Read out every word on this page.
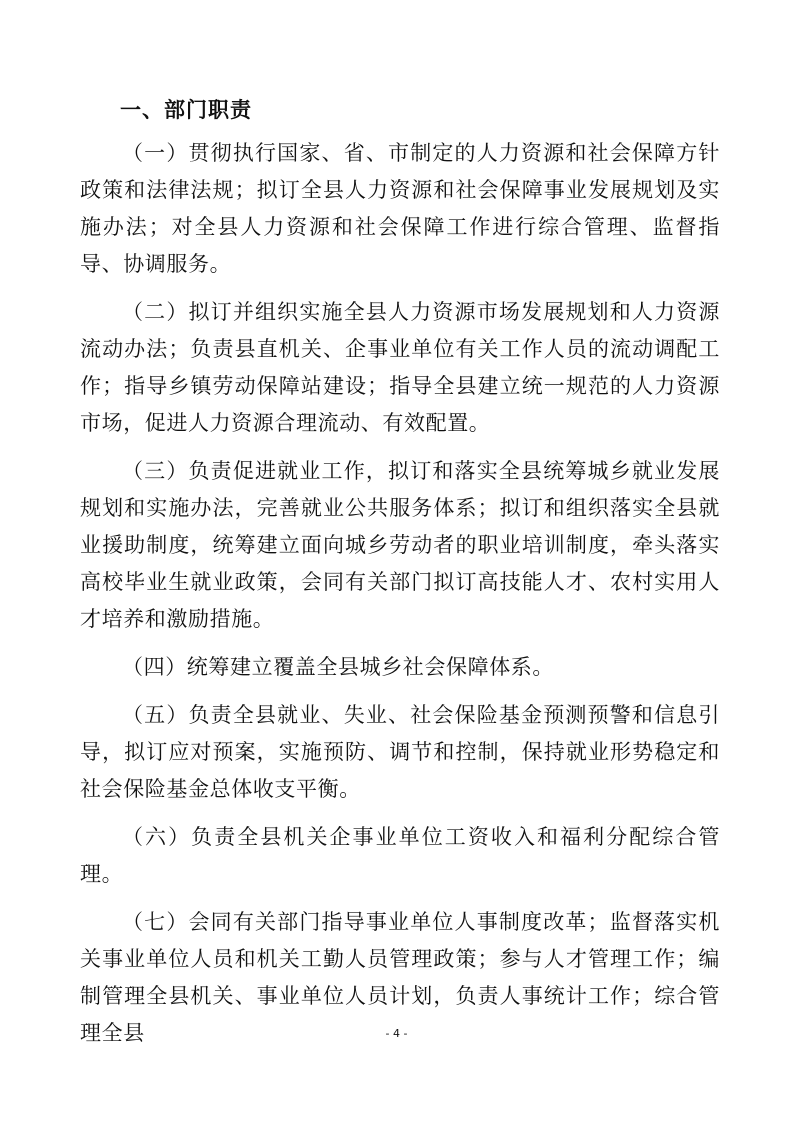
一、部门职责

（一）贯彻执行国家、省、市制定的人力资源和社会保障方针政策和法律法规；拟订全县人力资源和社会保障事业发展规划及实施办法；对全县人力资源和社会保障工作进行综合管理、监督指导、协调服务。

（二）拟订并组织实施全县人力资源市场发展规划和人力资源流动办法；负责县直机关、企事业单位有关工作人员的流动调配工作；指导乡镇劳动保障站建设；指导全县建立统一规范的人力资源市场，促进人力资源合理流动、有效配置。

（三）负责促进就业工作，拟订和落实全县统筹城乡就业发展规划和实施办法，完善就业公共服务体系；拟订和组织落实全县就业援助制度，统筹建立面向城乡劳动者的职业培训制度，牵头落实高校毕业生就业政策，会同有关部门拟订高技能人才、农村实用人才培养和激励措施。

（四）统筹建立覆盖全县城乡社会保障体系。

（五）负责全县就业、失业、社会保险基金预测预警和信息引导，拟订应对预案，实施预防、调节和控制，保持就业形势稳定和社会保险基金总体收支平衡。

（六）负责全县机关企事业单位工资收入和福利分配综合管理。

（七）会同有关部门指导事业单位人事制度改革；监督落实机关事业单位人员和机关工勤人员管理政策；参与人才管理工作；编制管理全县机关、事业单位人员计划，负责人事统计工作；综合管理全县	- 4 -
